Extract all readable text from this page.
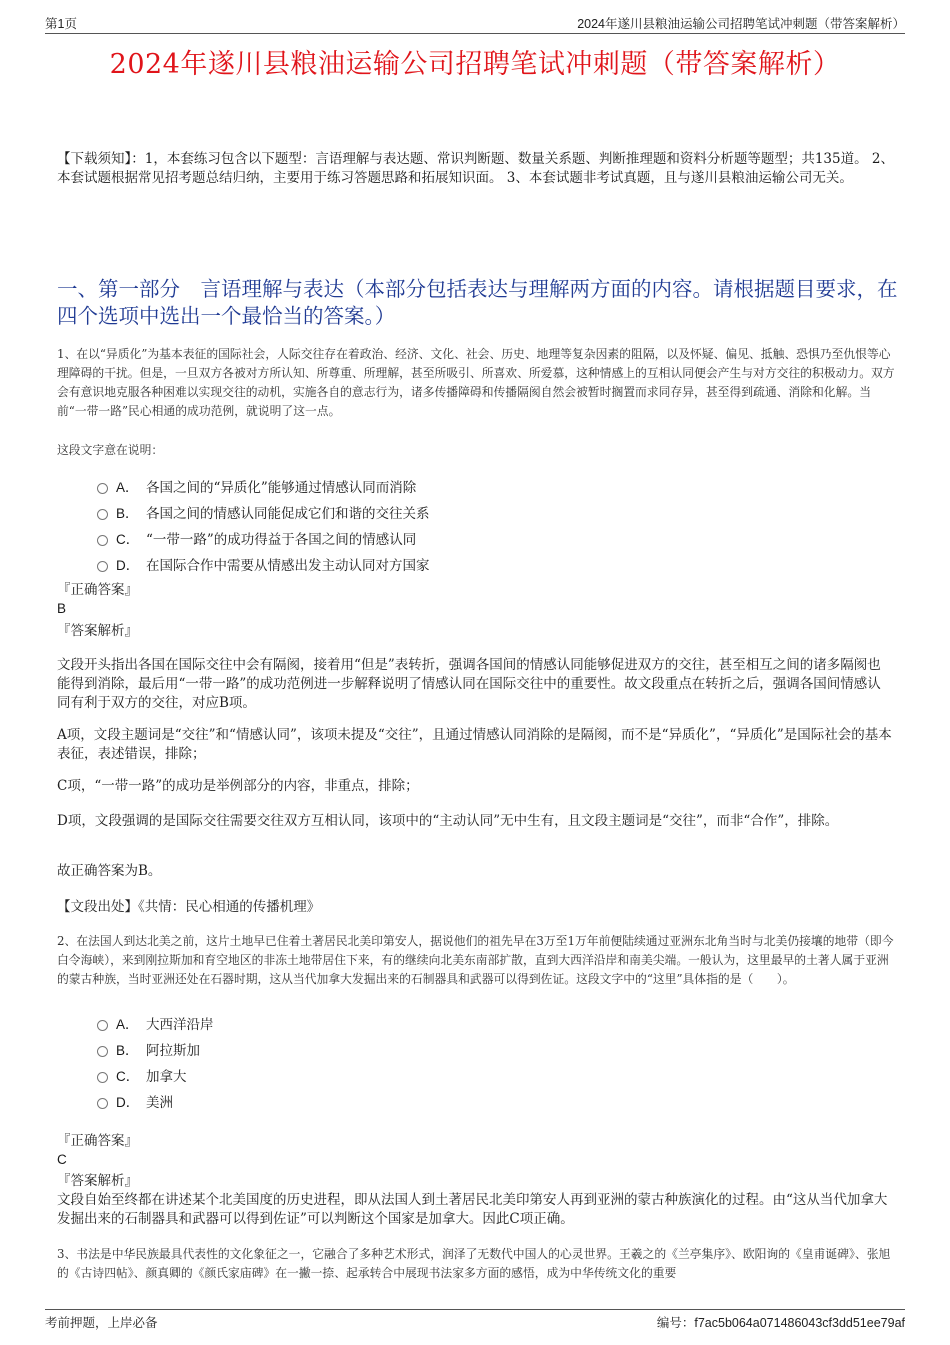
第1页	2024年遂川县粮油运输公司招聘笔试冲刺题（带答案解析）
2024年遂川县粮油运输公司招聘笔试冲刺题（带答案解析）
【下载须知】：1，本套练习包含以下题型：言语理解与表达题、常识判断题、数量关系题、判断推理题和资料分析题等题型；共135道。 2、本套试题根据常见招考题总结归纳，主要用于练习答题思路和拓展知识面。 3、本套试题非考试真题，且与遂川县粮油运输公司无关。
一、第一部分　言语理解与表达（本部分包括表达与理解两方面的内容。请根据题目要求，在四个选项中选出一个最恰当的答案。）
1、在以“异质化”为基本表征的国际社会，人际交往存在着政治、经济、文化、社会、历史、地理等复杂因素的阻隔，以及怀疑、偏见、抵触、恐惧乃至仇恨等心理障碍的干扰。但是，一旦双方各被对方所认知、所尊重、所理解，甚至所吸引、所喜欢、所爱慕，这种情感上的互相认同便会产生与对方交往的积极动力。双方会有意识地克服各种困难以实现交往的动机，实施各自的意志行为，诸多传播障碍和传播隔阂自然会被暂时搁置而求同存异，甚至得到疏通、消除和化解。当前“一带一路”民心相通的成功范例，就说明了这一点。
这段文字意在说明：
A． 各国之间的“异质化”能够通过情感认同而消除
B． 各国之间的情感认同能促成它们和谐的交往关系
C． “一带一路”的成功得益于各国之间的情感认同
D． 在国际合作中需要从情感出发主动认同对方国家
『正确答案』
B
『答案解析』
文段开头指出各国在国际交往中会有隔阂，接着用“但是”表转折，强调各国间的情感认同能够促进双方的交往，甚至相互之间的诸多隔阂也能得到消除，最后用“一带一路”的成功范例进一步解释说明了情感认同在国际交往中的重要性。故文段重点在转折之后，强调各国间情感认同有利于双方的交往，对应B项。
A项，文段主题词是“交往”和“情感认同”，该项未提及“交往”，且通过情感认同消除的是隔阂，而不是“异质化”，“异质化”是国际社会的基本表征，表述错误，排除；
C项，“一带一路”的成功是举例部分的内容，非重点，排除；
D项，文段强调的是国际交往需要交往双方互相认同，该项中的“主动认同”无中生有，且文段主题词是“交往”，而非“合作”，排除。
故正确答案为B。
【文段出处】《共情：民心相通的传播机理》
2、在法国人到达北美之前，这片土地早已住着土著居民北美印第安人，据说他们的祖先早在3万至1万年前便陆续通过亚洲东北角当时与北美仍接壤的地带（即今白令海峡），来到刚拉斯加和育空地区的非冻土地带居住下来，有的继续向北美东南部扩散，直到大西洋沿岸和南美尖端。一般认为，这里最早的土著人属于亚洲的蒙古种族，当时亚洲还处在石器时期，这从当代加拿大发掘出来的石制器具和武器可以得到佐证。这段文字中的“这里”具体指的是（　　）。
A． 大西洋沿岸
B． 阿拉斯加
C． 加拿大
D． 美洲
『正确答案』
C
『答案解析』
文段自始至终都在讲述某个北美国度的历史进程，即从法国人到土著居民北美印第安人再到亚洲的蒙古种族演化的过程。由“这从当代加拿大发掘出来的石制器具和武器可以得到佐证”可以判断这个国家是加拿大。因此C项正确。
3、书法是中华民族最具代表性的文化象征之一，它融合了多种艺术形式，润泽了无数代中国人的心灵世界。王羲之的《兰亭集序》、欧阳询的《皇甫诞碑》、张旭的《古诗四帖》、颜真卿的《颜氏家庙碑》在一撇一捺、起承转合中展现书法家多方面的感悟，成为中华传统文化的重要
考前押题，上岸必备	编号：f7ac5b064a071486043cf3dd51ee79af
